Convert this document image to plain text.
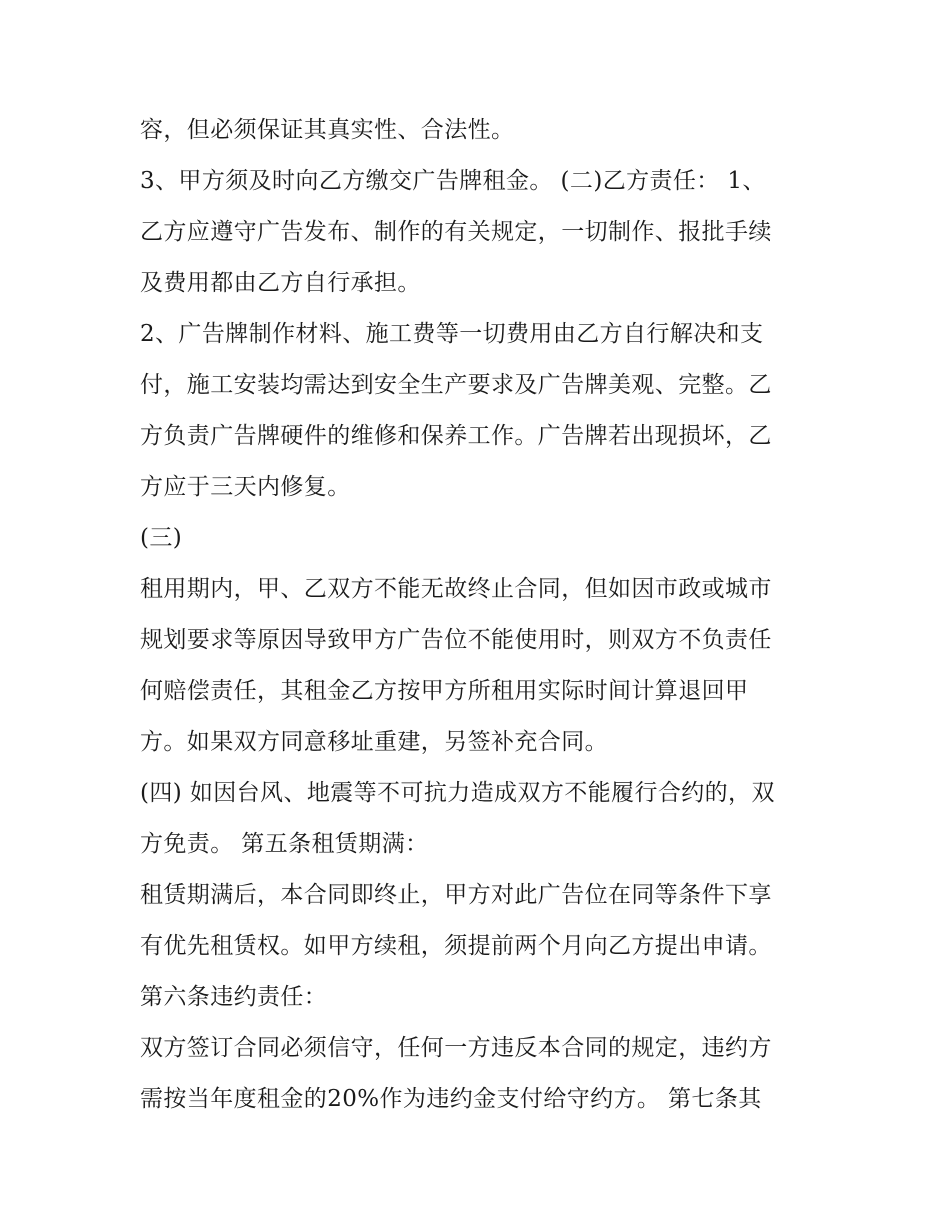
容，但必须保证其真实性、合法性。
3、甲方须及时向乙方缴交广告牌租金。 (二)乙方责任： 1、
乙方应遵守广告发布、制作的有关规定，一切制作、报批手续
及费用都由乙方自行承担。
2、广告牌制作材料、施工费等一切费用由乙方自行解决和支
付，施工安装均需达到安全生产要求及广告牌美观、完整。乙
方负责广告牌硬件的维修和保养工作。广告牌若出现损坏，乙
方应于三天内修复。
(三)
租用期内，甲、乙双方不能无故终止合同，但如因市政或城市
规划要求等原因导致甲方广告位不能使用时，则双方不负责任
何赔偿责任，其租金乙方按甲方所租用实际时间计算退回甲
方。如果双方同意移址重建，另签补充合同。
(四) 如因台风、地震等不可抗力造成双方不能履行合约的，双
方免责。 第五条租赁期满：
租赁期满后，本合同即终止，甲方对此广告位在同等条件下享
有优先租赁权。如甲方续租，须提前两个月向乙方提出申请。
第六条违约责任：
双方签订合同必须信守，任何一方违反本合同的规定，违约方
需按当年度租金的20%作为违约金支付给守约方。 第七条其
